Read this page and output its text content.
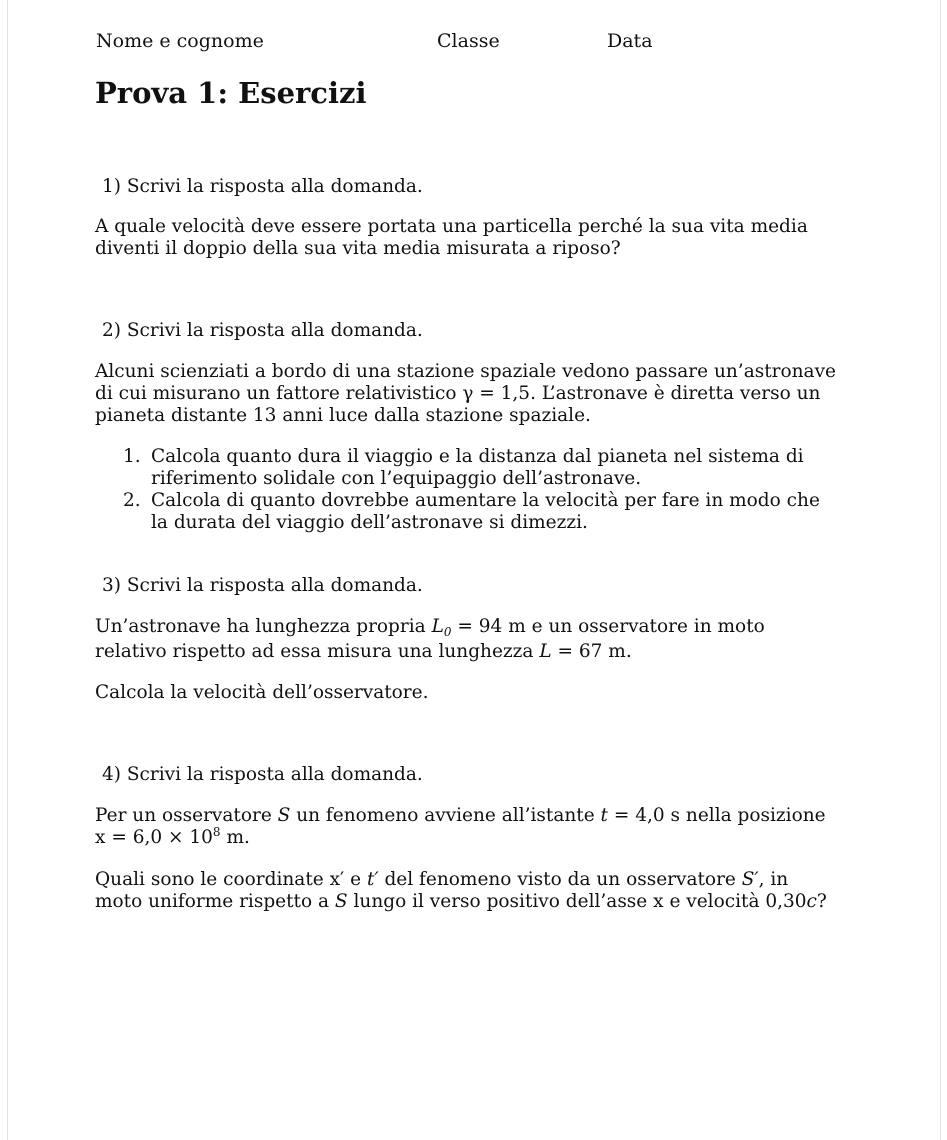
Nome e cognome	Classe	Data
Prova 1: Esercizi
1) Scrivi la risposta alla domanda.
A quale velocità deve essere portata una particella perché la sua vita media
diventi il doppio della sua vita media misurata a riposo?
2) Scrivi la risposta alla domanda.
Alcuni scienziati a bordo di una stazione spaziale vedono passare un’astronave
di cui misurano un fattore relativistico γ = 1,5. L’astronave è diretta verso un
pianeta distante 13 anni luce dalla stazione spaziale.
1. Calcola quanto dura il viaggio e la distanza dal pianeta nel sistema di
riferimento solidale con l’equipaggio dell’astronave.
2. Calcola di quanto dovrebbe aumentare la velocità per fare in modo che
la durata del viaggio dell’astronave si dimezzi.
3) Scrivi la risposta alla domanda.
Un’astronave ha lunghezza propria $L_0 = 94$ m e un osservatore in moto
relativo rispetto ad essa misura una lunghezza L = 67 m.
Calcola la velocità dell’osservatore.
4) Scrivi la risposta alla domanda.
Per un osservatore S un fenomeno avviene all’istante t = 4,0 s nella posizione
$x = 6,0 \times 10^8$ m.
Quali sono le coordinate x′ e t′ del fenomeno visto da un osservatore S′, in
moto uniforme rispetto a S lungo il verso positivo dell’asse x e velocità 0,30c?
